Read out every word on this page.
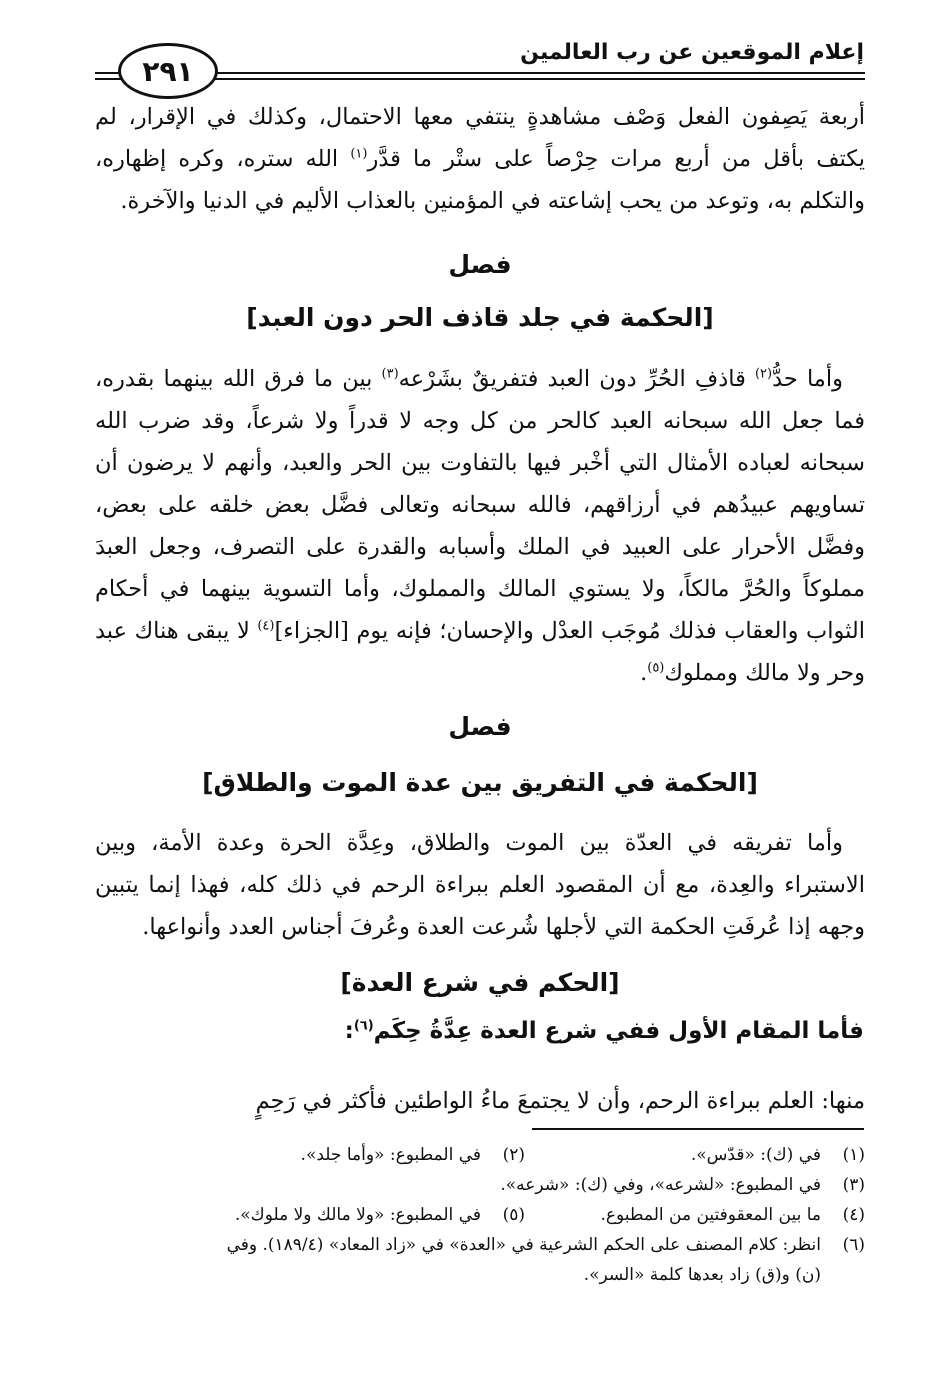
إعلام الموقعين عن رب العالمين
٢٩١

أربعة يَصِفون الفعل وَصْف مشاهدةٍ ينتفي معها الاحتمال، وكذلك في الإقرار، لم يكتف بأقل من أربع مرات حِرْصاً على ستْر ما قدَّر$^{(١)}$ الله ستره، وكره إظهاره، والتكلم به، وتوعد من يحب إشاعته في المؤمنين بالعذاب الأليم في الدنيا والآخرة.

فصل
[الحكمة في جلد قاذف الحر دون العبد]

وأما حدُّ$^{(٢)}$ قاذفِ الحُرِّ دون العبد فتفريقٌ بشَرْعه$^{(٣)}$ بين ما فرق الله بينهما بقدره، فما جعل الله سبحانه العبد كالحر من كل وجه لا قدراً ولا شرعاً، وقد ضرب الله سبحانه لعباده الأمثال التي أخْبر فيها بالتفاوت بين الحر والعبد، وأنهم لا يرضون أن تساويهم عبيدُهم في أرزاقهم، فالله سبحانه وتعالى فضَّل بعض خلقه على بعض، وفضَّل الأحرار على العبيد في الملك وأسبابه والقدرة على التصرف، وجعل العبدَ مملوكاً والحُرَّ مالكاً، ولا يستوي المالك والمملوك، وأما التسوية بينهما في أحكام الثواب والعقاب فذلك مُوجَب العدْل والإحسان؛ فإنه يوم [الجزاء]$^{(٤)}$ لا يبقى هناك عبد وحر ولا مالك ومملوك$^{(٥)}$.

فصل
[الحكمة في التفريق بين عدة الموت والطلاق]

وأما تفريقه في العدّة بين الموت والطلاق، وعِدَّة الحرة وعدة الأمة، وبين الاستبراء والعِدة، مع أن المقصود العلم ببراءة الرحم في ذلك كله، فهذا إنما يتبين وجهه إذا عُرفَتِ الحكمة التي لأجلها شُرعت العدة وعُرفَ أجناس العدد وأنواعها.

[الحكم في شرع العدة]
فأما المقام الأول ففي شرع العدة عِدَّةُ حِكَم$^{(٦)}$:

منها: العلم ببراءة الرحم، وأن لا يجتمعَ ماءُ الواطئين فأكثر في رَحِمٍ

(١)
في (ك): «قدّس».
(٢)
في المطبوع: «وأما جلد».
(٣)
في المطبوع: «لشرعه»، وفي (ك): «شرعه».
(٤)
ما بين المعقوفتين من المطبوع.
(٥)
في المطبوع: «ولا مالك ولا ملوك».
(٦)
انظر: كلام المصنف على الحكم الشرعية في «العدة» في «زاد المعاد» (١٨٩/٤). وفي
(ن) و(ق) زاد بعدها كلمة «السر».
